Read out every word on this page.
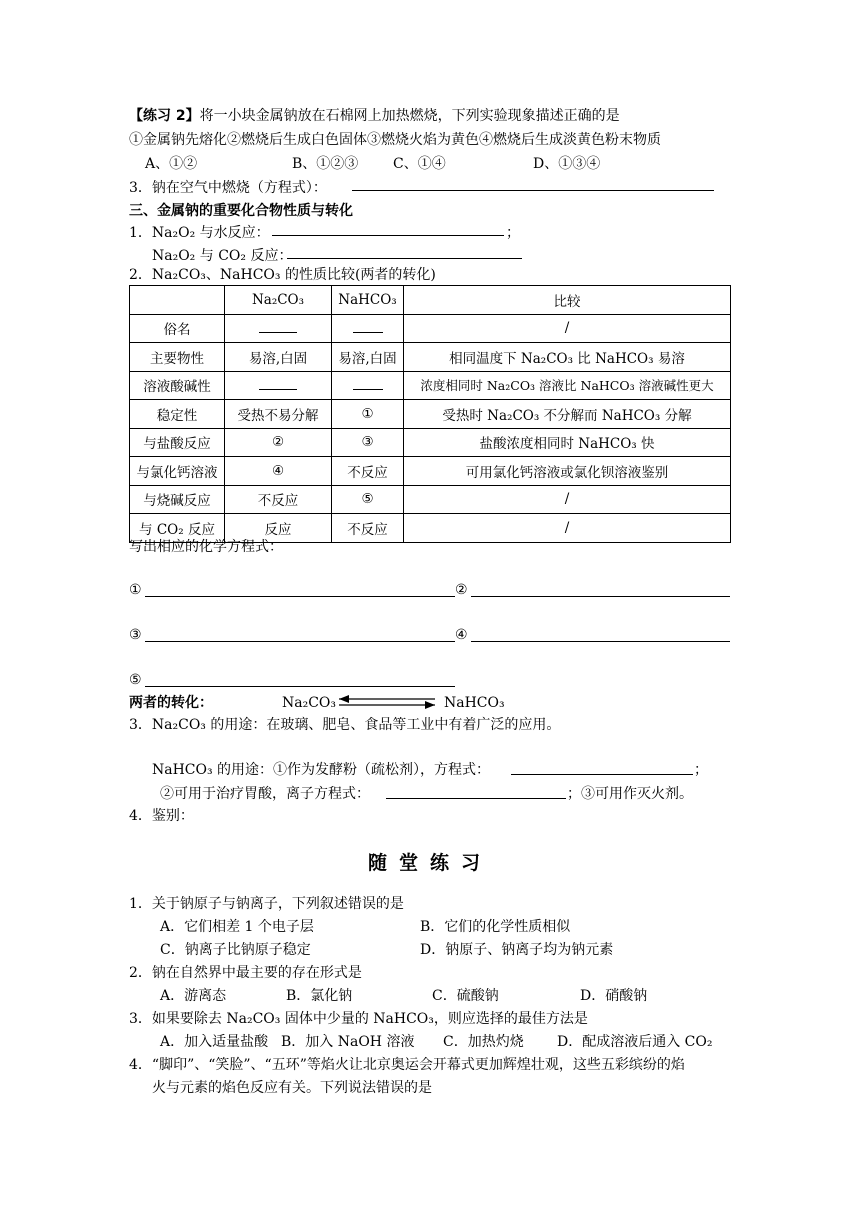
【练习 2】将一小块金属钠放在石棉网上加热燃烧，下列实验现象描述正确的是
①金属钠先熔化②燃烧后生成白色固体③燃烧火焰为黄色④燃烧后生成淡黄色粉末物质
A、①②	B、①②③ C、①④	D、①③④
3．钠在空气中燃烧（方程式）：
三、金属钠的重要化合物性质与转化
1．Na₂O₂ 与水反应：	；
Na₂O₂ 与 CO₂ 反应：
2．Na₂CO₃、NaHCO₃ 的性质比较(两者的转化)
	Na₂CO₃	NaHCO₃	比较
俗名			/
主要物性	易溶,白固	易溶,白固	相同温度下 Na₂CO₃ 比 NaHCO₃ 易溶
溶液酸碱性			浓度相同时 Na₂CO₃ 溶液比 NaHCO₃ 溶液碱性更大
稳定性	受热不易分解	①	受热时 Na₂CO₃ 不分解而 NaHCO₃ 分解
与盐酸反应	②	③	盐酸浓度相同时 NaHCO₃ 快
与氯化钙溶液	④	不反应	可用氯化钙溶液或氯化钡溶液鉴别
与烧碱反应	不反应	⑤	/
与 CO₂ 反应	反应	不反应	/
写出相应的化学方程式：
①	②
③	④
⑤
两者的转化：	Na₂CO₃	NaHCO₃
3．Na₂CO₃ 的用途：在玻璃、肥皂、食品等工业中有着广泛的应用。
NaHCO₃ 的用途：①作为发酵粉（疏松剂），方程式：	；
②可用于治疗胃酸，离子方程式：	；③可用作灭火剂。
4．鉴别：
随堂练习
1．关于钠原子与钠离子，下列叙述错误的是
A．它们相差 1 个电子层	B．它们的化学性质相似
C．钠离子比钠原子稳定	D．钠原子、钠离子均为钠元素
2．钠在自然界中最主要的存在形式是
A．游离态	B．氯化钠	C．硫酸钠	D．硝酸钠
3．如果要除去 Na₂CO₃ 固体中少量的 NaHCO₃，则应选择的最佳方法是
A．加入适量盐酸 B．加入 NaOH 溶液 C．加热灼烧 D．配成溶液后通入 CO₂
4．“脚印”、“笑脸”、“五环”等焰火让北京奥运会开幕式更加辉煌壮观，这些五彩缤纷的焰
火与元素的焰色反应有关。下列说法错误的是
